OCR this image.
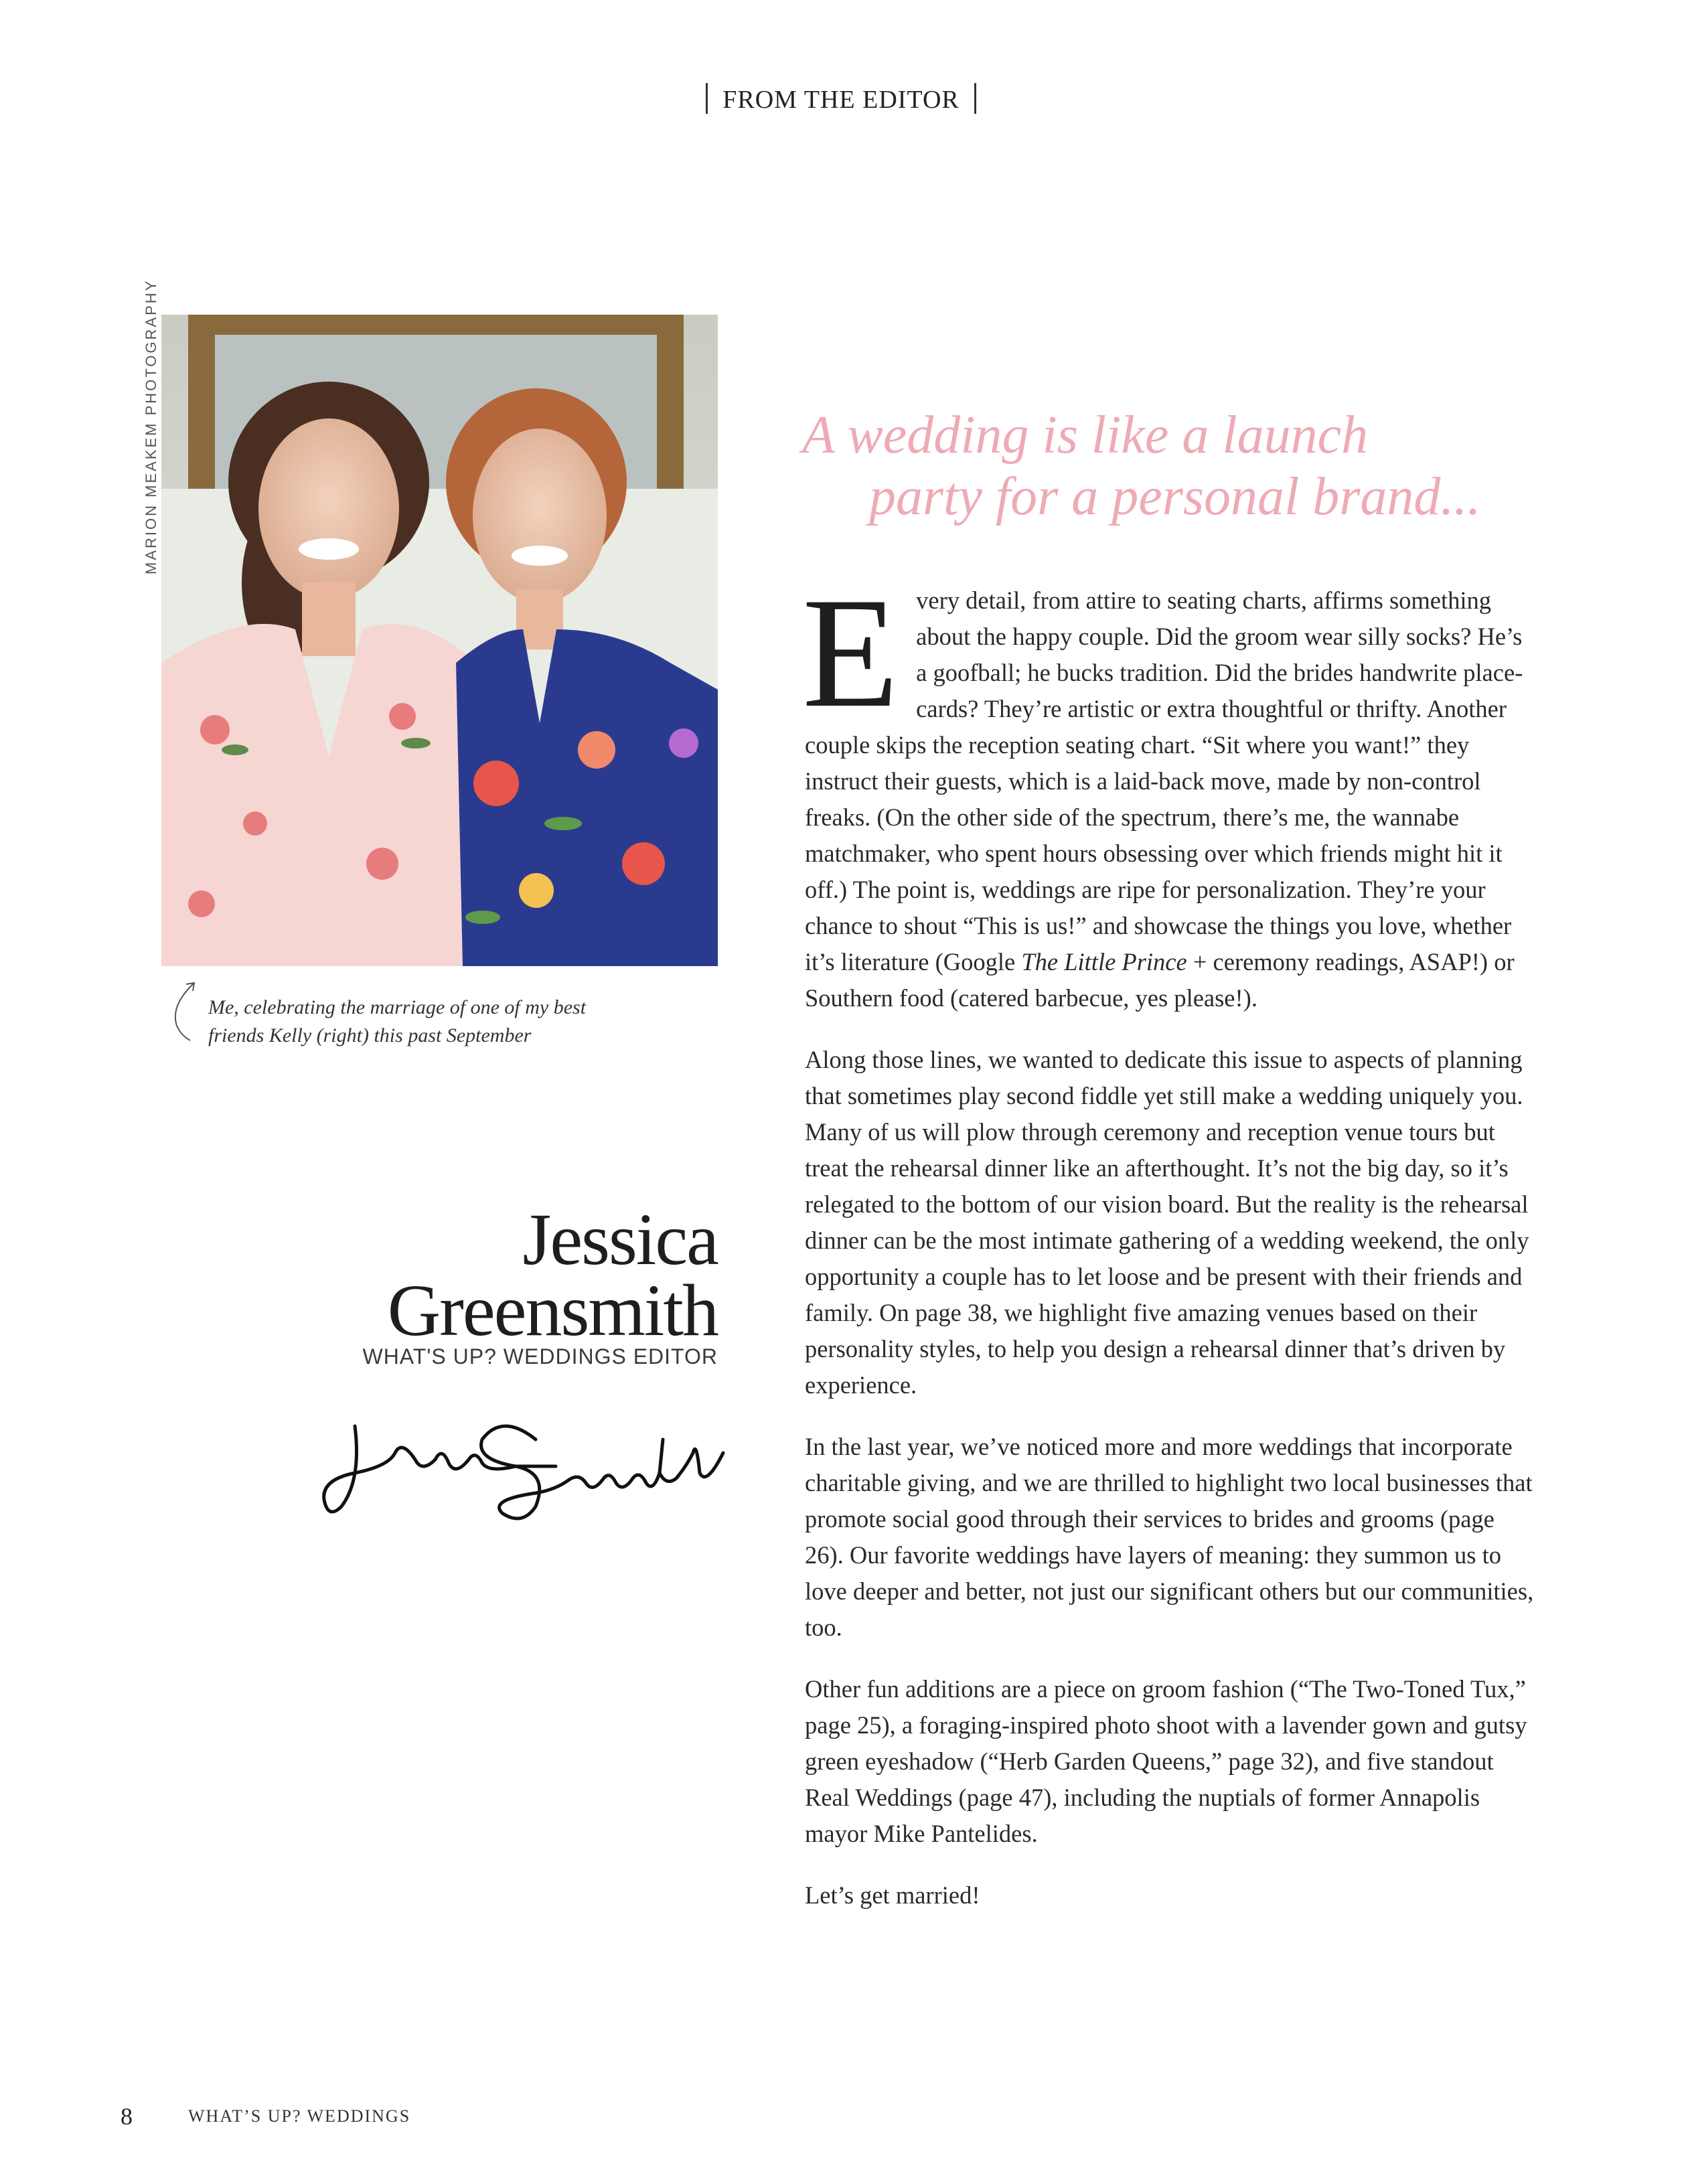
FROM THE EDITOR
MARION MEAKEM PHOTOGRAPHY
Me, celebrating the marriage of one of my best
friends Kelly (right) this past September
Jessica
Greensmith
WHAT'S UP? WEDDINGS EDITOR
A wedding is like a launch
party for a personal brand...

Every detail, from attire to seating charts, affirms something about the happy couple. Did the groom wear silly socks? He’s a goofball; he bucks tradition. Did the brides handwrite place-cards? They’re artistic or extra thoughtful or thrifty. Another couple skips the reception seating chart. “Sit where you want!” they instruct their guests, which is a laid-back move, made by non-control freaks. (On the other side of the spectrum, there’s me, the wannabe matchmaker, who spent hours obsessing over which friends might hit it off.) The point is, weddings are ripe for personalization. They’re your chance to shout “This is us!” and showcase the things you love, whether it’s literature (Google The Little Prince + ceremony readings, ASAP!) or Southern food (catered barbecue, yes please!).

Along those lines, we wanted to dedicate this issue to aspects of planning that sometimes play second fiddle yet still make a wedding uniquely you. Many of us will plow through ceremony and reception venue tours but treat the rehearsal dinner like an afterthought. It’s not the big day, so it’s relegated to the bottom of our vision board. But the reality is the rehearsal dinner can be the most intimate gathering of a wedding weekend, the only opportunity a couple has to let loose and be present with their friends and family. On page 38, we highlight five amazing venues based on their personality styles, to help you design a rehearsal dinner that’s driven by experience.

In the last year, we’ve noticed more and more weddings that incorporate charitable giving, and we are thrilled to highlight two local businesses that promote social good through their services to brides and grooms (page 26). Our favorite weddings have layers of meaning: they summon us to love deeper and better, not just our significant others but our communities, too.

Other fun additions are a piece on groom fashion (“The Two-Toned Tux,” page 25), a foraging-inspired photo shoot with a lavender gown and gutsy green eyeshadow (“Herb Garden Queens,” page 32), and five standout Real Weddings (page 47), including the nuptials of former Annapolis mayor Mike Pantelides.

Let’s get married!

8	WHAT’S UP? WEDDINGS
